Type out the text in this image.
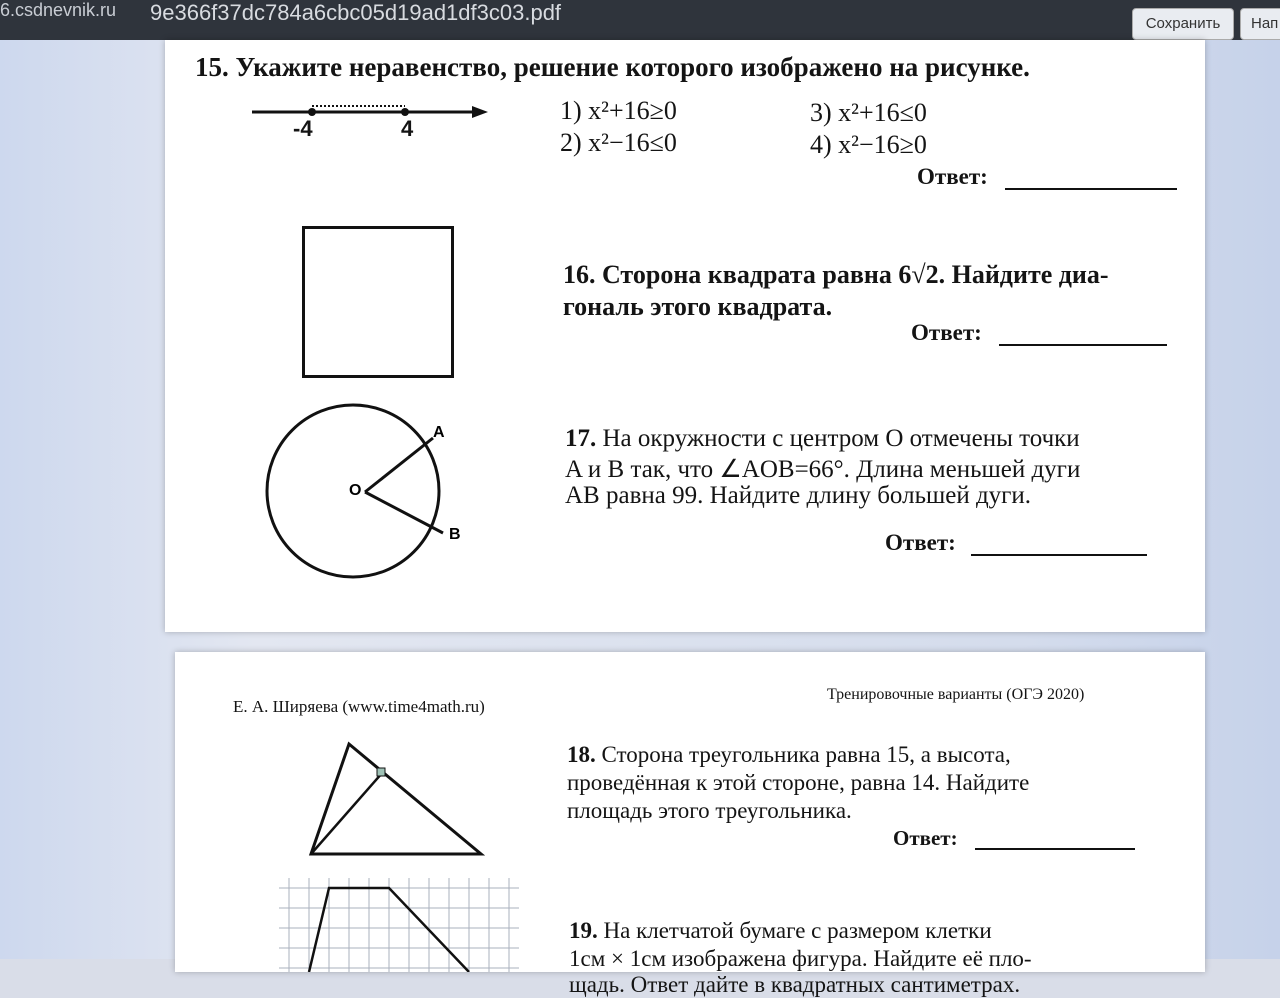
6.csdnevnik.ru 9e366f37dc784a6cbc05d19ad1df3c03.pdf	Сохранить	Нап
15. Укажите неравенство, решение которого изображено на рисунке.
-4	4
1) x²+16≥0
2) x²−16≤0
3) x²+16≤0
4) x²−16≥0
Ответ:
16. Сторона квадрата равна 6√2. Найдите диа-
гональ этого квадрата.
Ответ:
O
A
B
17. На окружности с центром O отмечены точки
A и B так, что ∠AOB=66°. Длина меньшей дуги
AB равна 99. Найдите длину большей дуги.
Ответ:
Е. А. Ширяева (www.time4math.ru)
Тренировочные варианты (ОГЭ 2020)
18. Сторона треугольника равна 15, а высота,
проведённая к этой стороне, равна 14. Найдите
площадь этого треугольника.
Ответ:
19. На клетчатой бумаге с размером клетки
1см × 1см изображена фигура. Найдите её пло-
щадь. Ответ дайте в квадратных сантиметрах.
